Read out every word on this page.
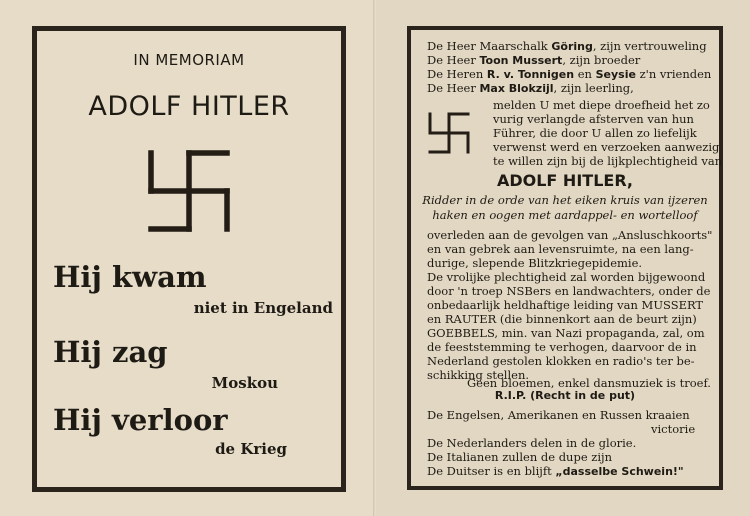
IN MEMORIAM
ADOLF HITLER
Hij kwam
niet in Engeland
Hij zag
Moskou
Hij verloor
de Krieg
De Heer Maarschalk Göring, zijn vertrouweling
De Heer Toon Mussert, zijn broeder
De Heren R. v. Tonnigen en Seysie z'n vrienden
De Heer Max Blokzijl, zijn leerling,
melden U met diepe droefheid het zo
vurig verlangde afsterven van hun
Führer, die door U allen zo liefelijk
verwenst werd en verzoeken aanwezig
te willen zijn bij de lijkplechtigheid van
ADOLF HITLER,
Ridder in de orde van het eiken kruis van ijzeren
haken en oogen met aardappel- en wortelloof
overleden aan de gevolgen van „Ansluschkoorts"
en van gebrek aan levensruimte, na een lang-
durige, slepende Blitzkriegepidemie.
De vrolijke plechtigheid zal worden bijgewoond
door 'n troep NSBers en landwachters, onder de
onbedaarlijk heldhaftige leiding van MUSSERT
en RAUTER (die binnenkort aan de beurt zijn)
GOEBBELS, min. van Nazi propaganda, zal, om
de feeststemming te verhogen, daarvoor de in
Nederland gestolen klokken en radio's ter be-
schikking stellen.
Geen bloemen, enkel dansmuziek is troef.
R.I.P. (Recht in de put)
De Engelsen, Amerikanen en Russen kraaien
victorie
De Nederlanders delen in de glorie.
De Italianen zullen de dupe zijn
De Duitser is en blijft „dasselbe Schwein!"
